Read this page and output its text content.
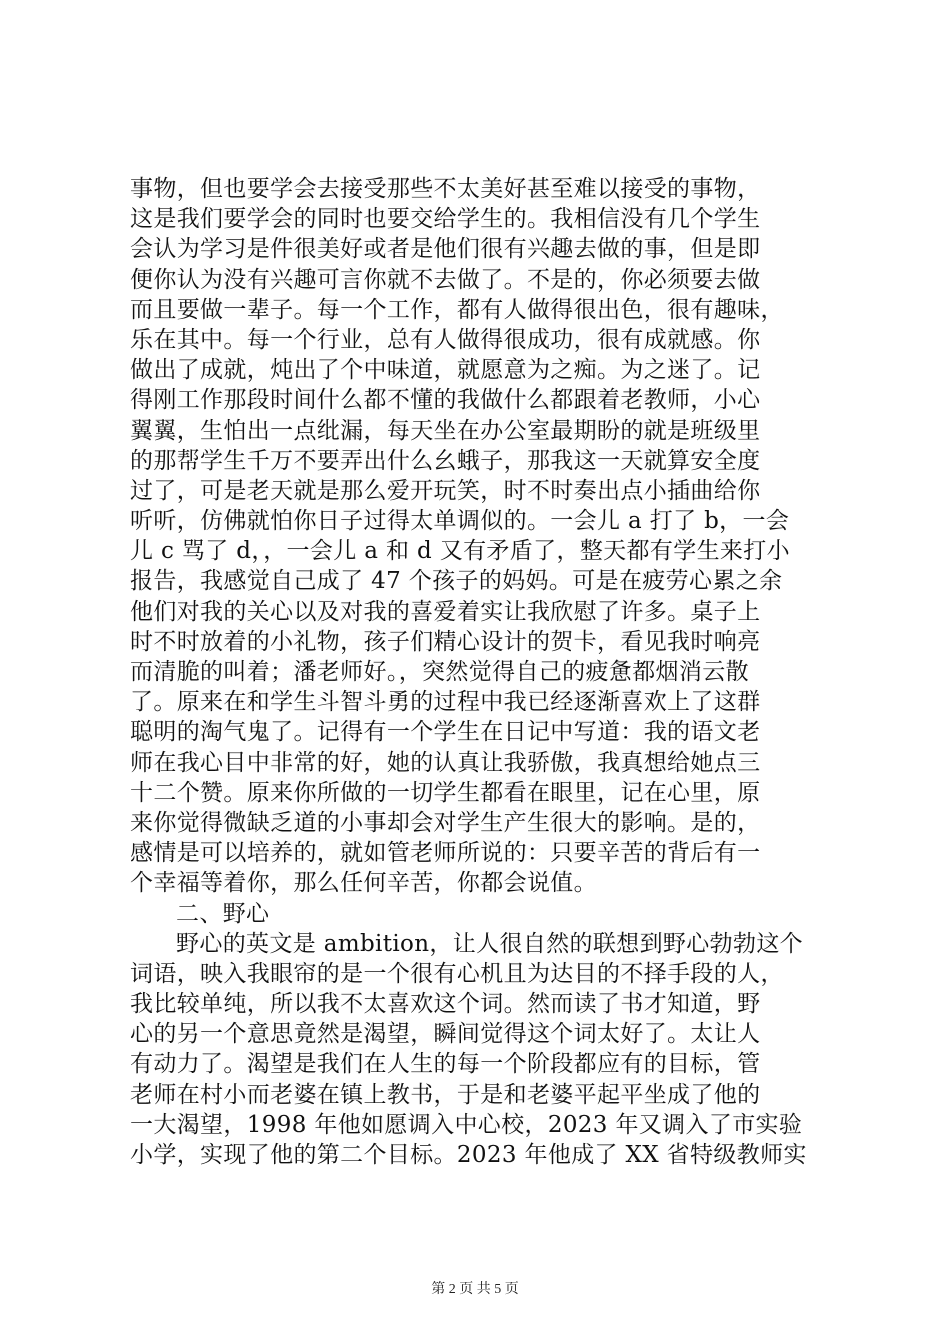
事物，但也要学会去接受那些不太美好甚至难以接受的事物，
这是我们要学会的同时也要交给学生的。我相信没有几个学生
会认为学习是件很美好或者是他们很有兴趣去做的事，但是即
便你认为没有兴趣可言你就不去做了。不是的，你必须要去做
而且要做一辈子。每一个工作，都有人做得很出色，很有趣味，
乐在其中。每一个行业，总有人做得很成功，很有成就感。你
做出了成就，炖出了个中味道，就愿意为之痴。为之迷了。记
得刚工作那段时间什么都不懂的我做什么都跟着老教师，小心
翼翼，生怕出一点纰漏，每天坐在办公室最期盼的就是班级里
的那帮学生千万不要弄出什么幺蛾子，那我这一天就算安全度
过了，可是老天就是那么爱开玩笑，时不时奏出点小插曲给你
听听，仿佛就怕你日子过得太单调似的。一会儿 a 打了 b，一会
儿 c 骂了 d，，一会儿 a 和 d 又有矛盾了，整天都有学生来打小
报告，我感觉自己成了 47 个孩子的妈妈。可是在疲劳心累之余
他们对我的关心以及对我的喜爱着实让我欣慰了许多。桌子上
时不时放着的小礼物，孩子们精心设计的贺卡，看见我时响亮
而清脆的叫着；潘老师好。，突然觉得自己的疲惫都烟消云散
了。原来在和学生斗智斗勇的过程中我已经逐渐喜欢上了这群
聪明的淘气鬼了。记得有一个学生在日记中写道：我的语文老
师在我心目中非常的好，她的认真让我骄傲，我真想给她点三
十二个赞。原来你所做的一切学生都看在眼里，记在心里，原
来你觉得微缺乏道的小事却会对学生产生很大的影响。是的，
感情是可以培养的，就如管老师所说的：只要辛苦的背后有一
个幸福等着你，那么任何辛苦，你都会说值。
二、野心
野心的英文是 ambition，让人很自然的联想到野心勃勃这个
词语，映入我眼帘的是一个很有心机且为达目的不择手段的人，
我比较单纯，所以我不太喜欢这个词。然而读了书才知道，野
心的另一个意思竟然是渴望，瞬间觉得这个词太好了。太让人
有动力了。渴望是我们在人生的每一个阶段都应有的目标，管
老师在村小而老婆在镇上教书，于是和老婆平起平坐成了他的
一大渴望，1998 年他如愿调入中心校，2023 年又调入了市实验
小学，实现了他的第二个目标。2023 年他成了 XX 省特级教师实
第 2 页 共 5 页
